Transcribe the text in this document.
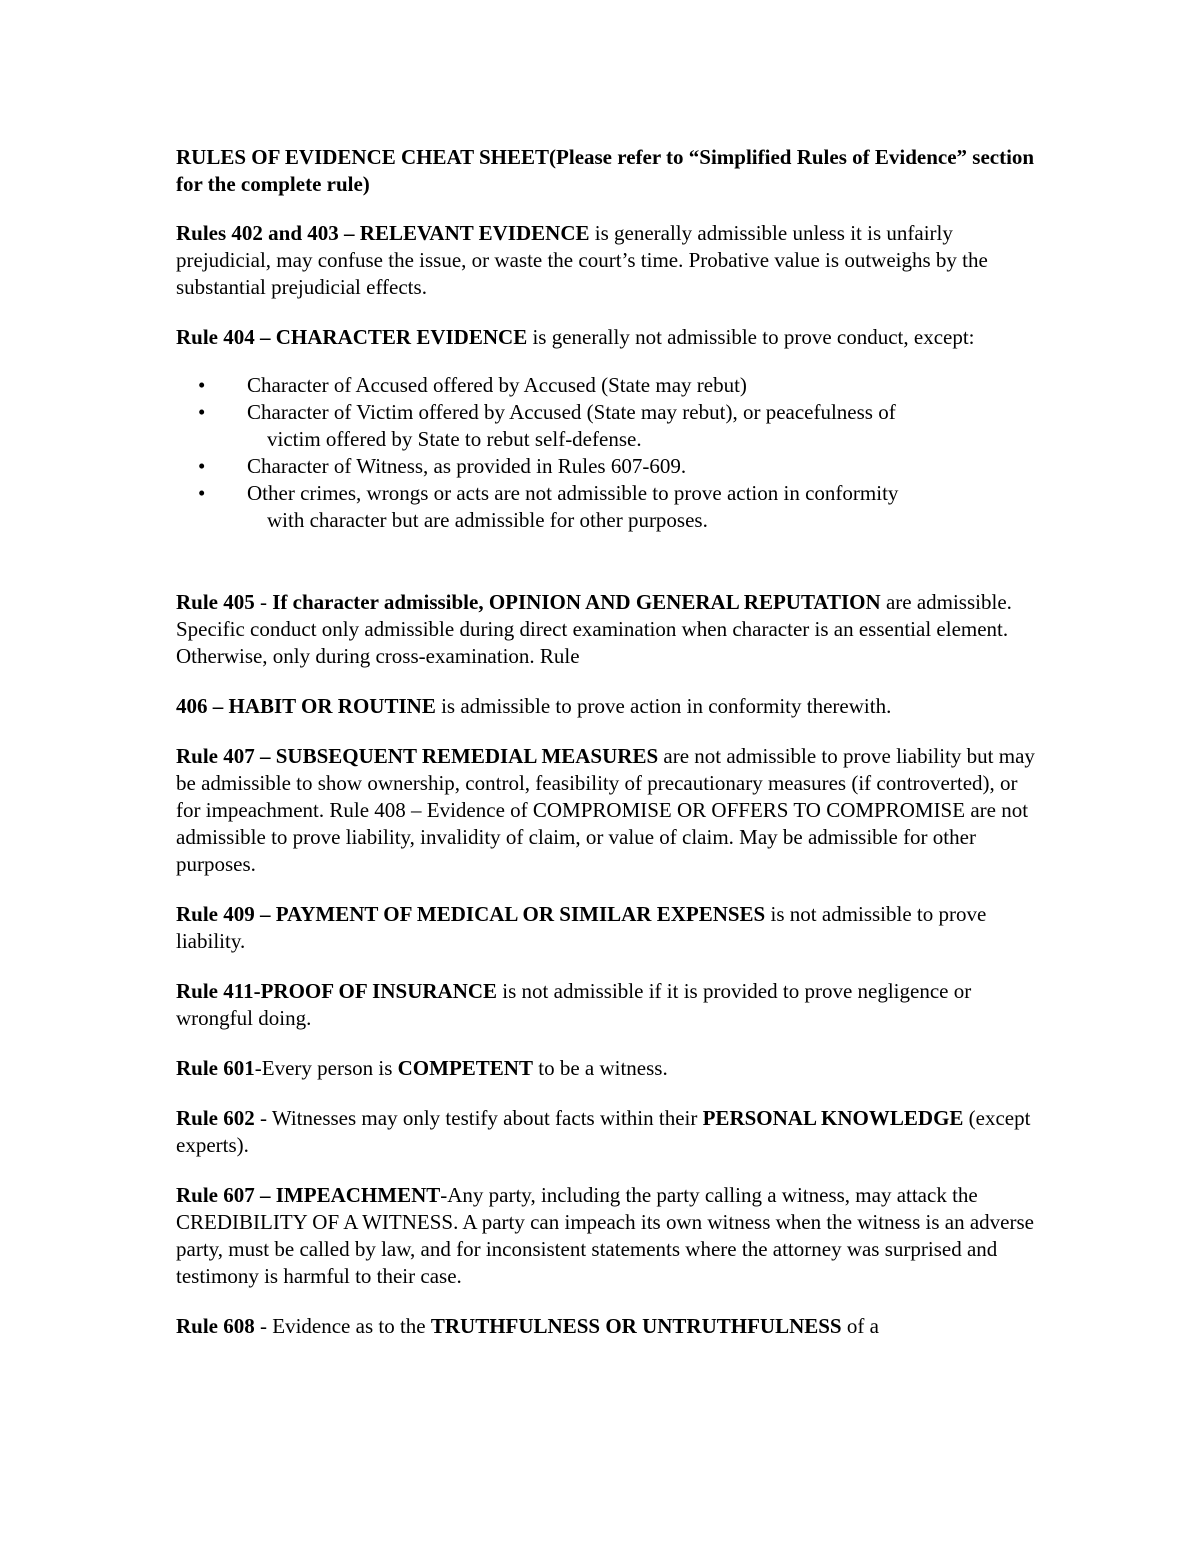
RULES OF EVIDENCE CHEAT SHEET(Please refer to “Simplified Rules of Evidence” section for the complete rule)

Rules 402 and 403 – RELEVANT EVIDENCE is generally admissible unless it is unfairly prejudicial, may confuse the issue, or waste the court’s time. Probative value is outweighs by the substantial prejudicial effects.

Rule 404 – CHARACTER EVIDENCE is generally not admissible to prove conduct, except:

• Character of Accused offered by Accused (State may rebut)
• Character of Victim offered by Accused (State may rebut), or peacefulness of
victim offered by State to rebut self-defense.
• Character of Witness, as provided in Rules 607-609.
• Other crimes, wrongs or acts are not admissible to prove action in conformity
with character but are admissible for other purposes.

Rule 405 - If character admissible, OPINION AND GENERAL REPUTATION are admissible. Specific conduct only admissible during direct examination when character is an essential element. Otherwise, only during cross-examination. Rule

406 – HABIT OR ROUTINE is admissible to prove action in conformity therewith.

Rule 407 – SUBSEQUENT REMEDIAL MEASURES are not admissible to prove liability but may be admissible to show ownership, control, feasibility of precautionary measures (if controverted), or for impeachment. Rule 408 – Evidence of COMPROMISE OR OFFERS TO COMPROMISE are not admissible to prove liability, invalidity of claim, or value of claim. May be admissible for other purposes.

Rule 409 – PAYMENT OF MEDICAL OR SIMILAR EXPENSES is not admissible to prove liability.

Rule 411-PROOF OF INSURANCE is not admissible if it is provided to prove negligence or wrongful doing.

Rule 601-Every person is COMPETENT to be a witness.

Rule 602 - Witnesses may only testify about facts within their PERSONAL KNOWLEDGE (except experts).

Rule 607 – IMPEACHMENT-Any party, including the party calling a witness, may attack the CREDIBILITY OF A WITNESS. A party can impeach its own witness when the witness is an adverse party, must be called by law, and for inconsistent statements where the attorney was surprised and testimony is harmful to their case.

Rule 608 - Evidence as to the TRUTHFULNESS OR UNTRUTHFULNESS of a
